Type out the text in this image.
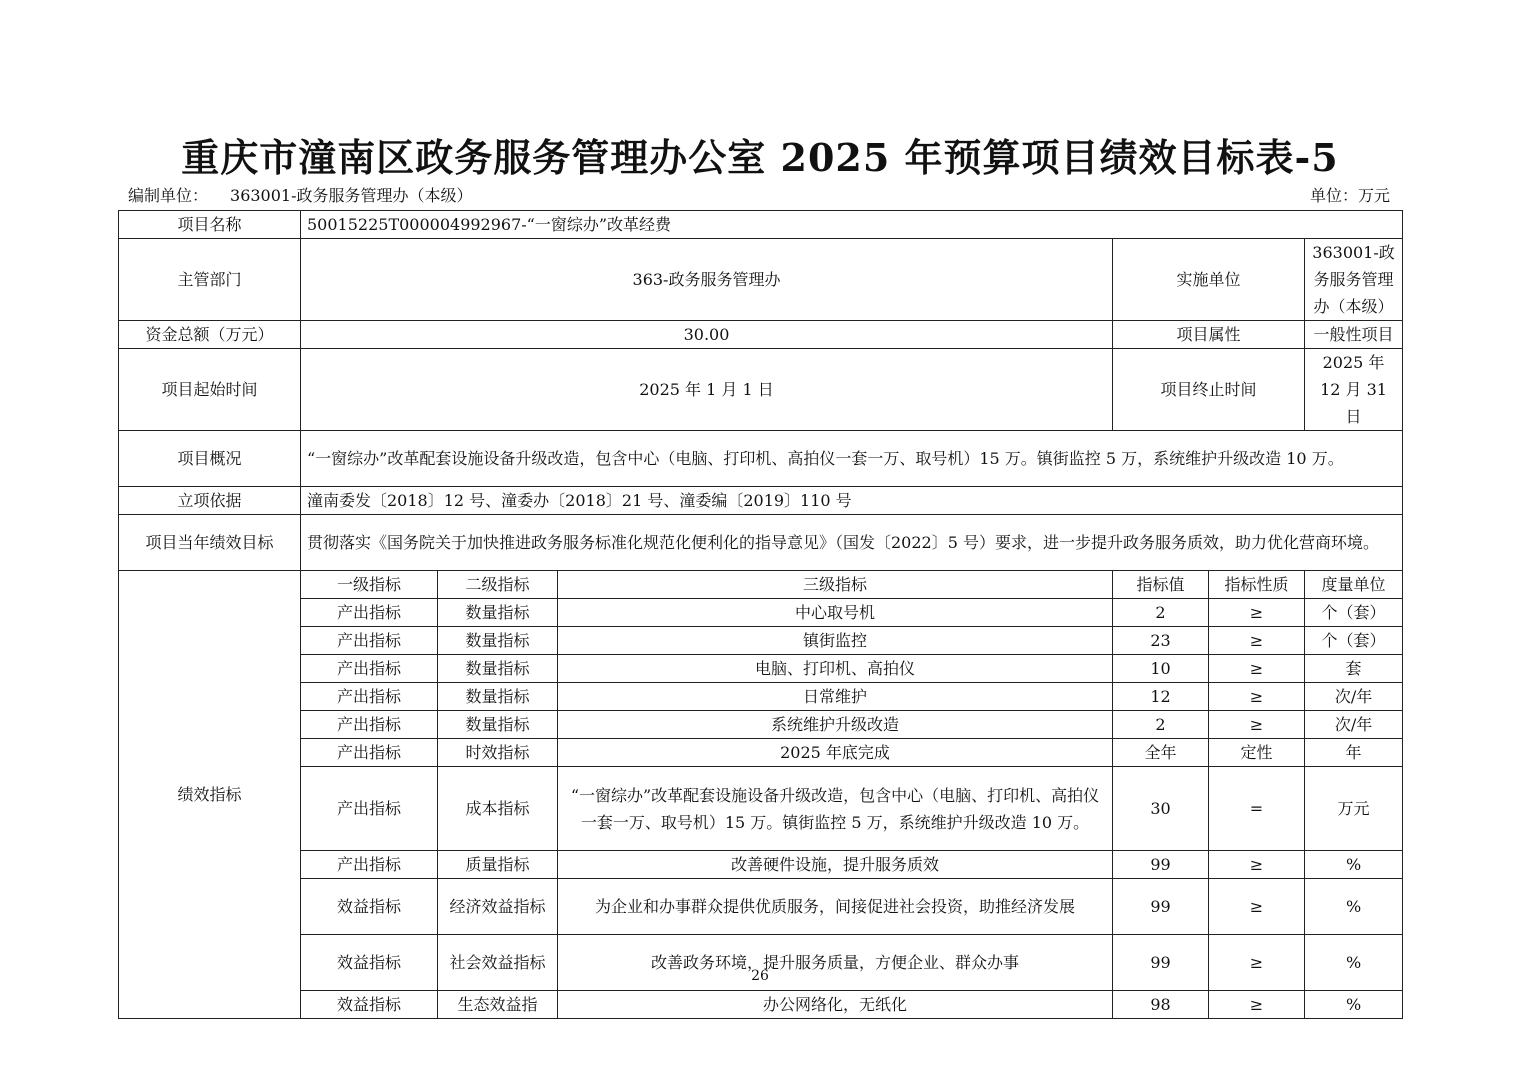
重庆市潼南区政务服务管理办公室 2025 年预算项目绩效目标表-5
编制单位： 363001-政务服务管理办（本级）	单位：万元
项目名称	50015225T000004992967-“一窗综办”改革经费					
主管部门	363-政务服务管理办			实施单位		363001-政务服务管理办（本级）
资金总额（万元）	30.00			项目属性		一般性项目
项目起始时间	2025 年 1 月 1 日			项目终止时间		2025 年 12 月 31 日
项目概况	“一窗综办”改革配套设施设备升级改造，包含中心（电脑、打印机、高拍仪一套一万、取号机）15 万。镇街监控 5 万，系统维护升级改造 10 万。					
立项依据	潼南委发〔2018〕12 号、潼委办〔2018〕21 号、潼委编〔2019〕110 号					
项目当年绩效目标	贯彻落实《国务院关于加快推进政务服务标准化规范化便利化的指导意见》（国发〔2022〕5 号）要求，进一步提升政务服务质效，助力优化营商环境。					
绩效指标	一级指标	二级指标	三级指标	指标值	指标性质	度量单位
	产出指标	数量指标	中心取号机	2	≥	个（套）
	产出指标	数量指标	镇街监控	23	≥	个（套）
	产出指标	数量指标	电脑、打印机、高拍仪	10	≥	套
	产出指标	数量指标	日常维护	12	≥	次/年
	产出指标	数量指标	系统维护升级改造	2	≥	次/年
	产出指标	时效指标	2025 年底完成	全年	定性	年
	产出指标	成本指标	“一窗综办”改革配套设施设备升级改造，包含中心（电脑、打印机、高拍仪一套一万、取号机）15 万。镇街监控 5 万，系统维护升级改造 10 万。	30	=	万元
	产出指标	质量指标	改善硬件设施，提升服务质效	99	≥	%
	效益指标	经济效益指标	为企业和办事群众提供优质服务，间接促进社会投资，助推经济发展	99	≥	%
	效益指标	社会效益指标	改善政务环境，提升服务质量，方便企业、群众办事	99	≥	%
	效益指标	生态效益指	办公网络化，无纸化	98	≥	%
26
